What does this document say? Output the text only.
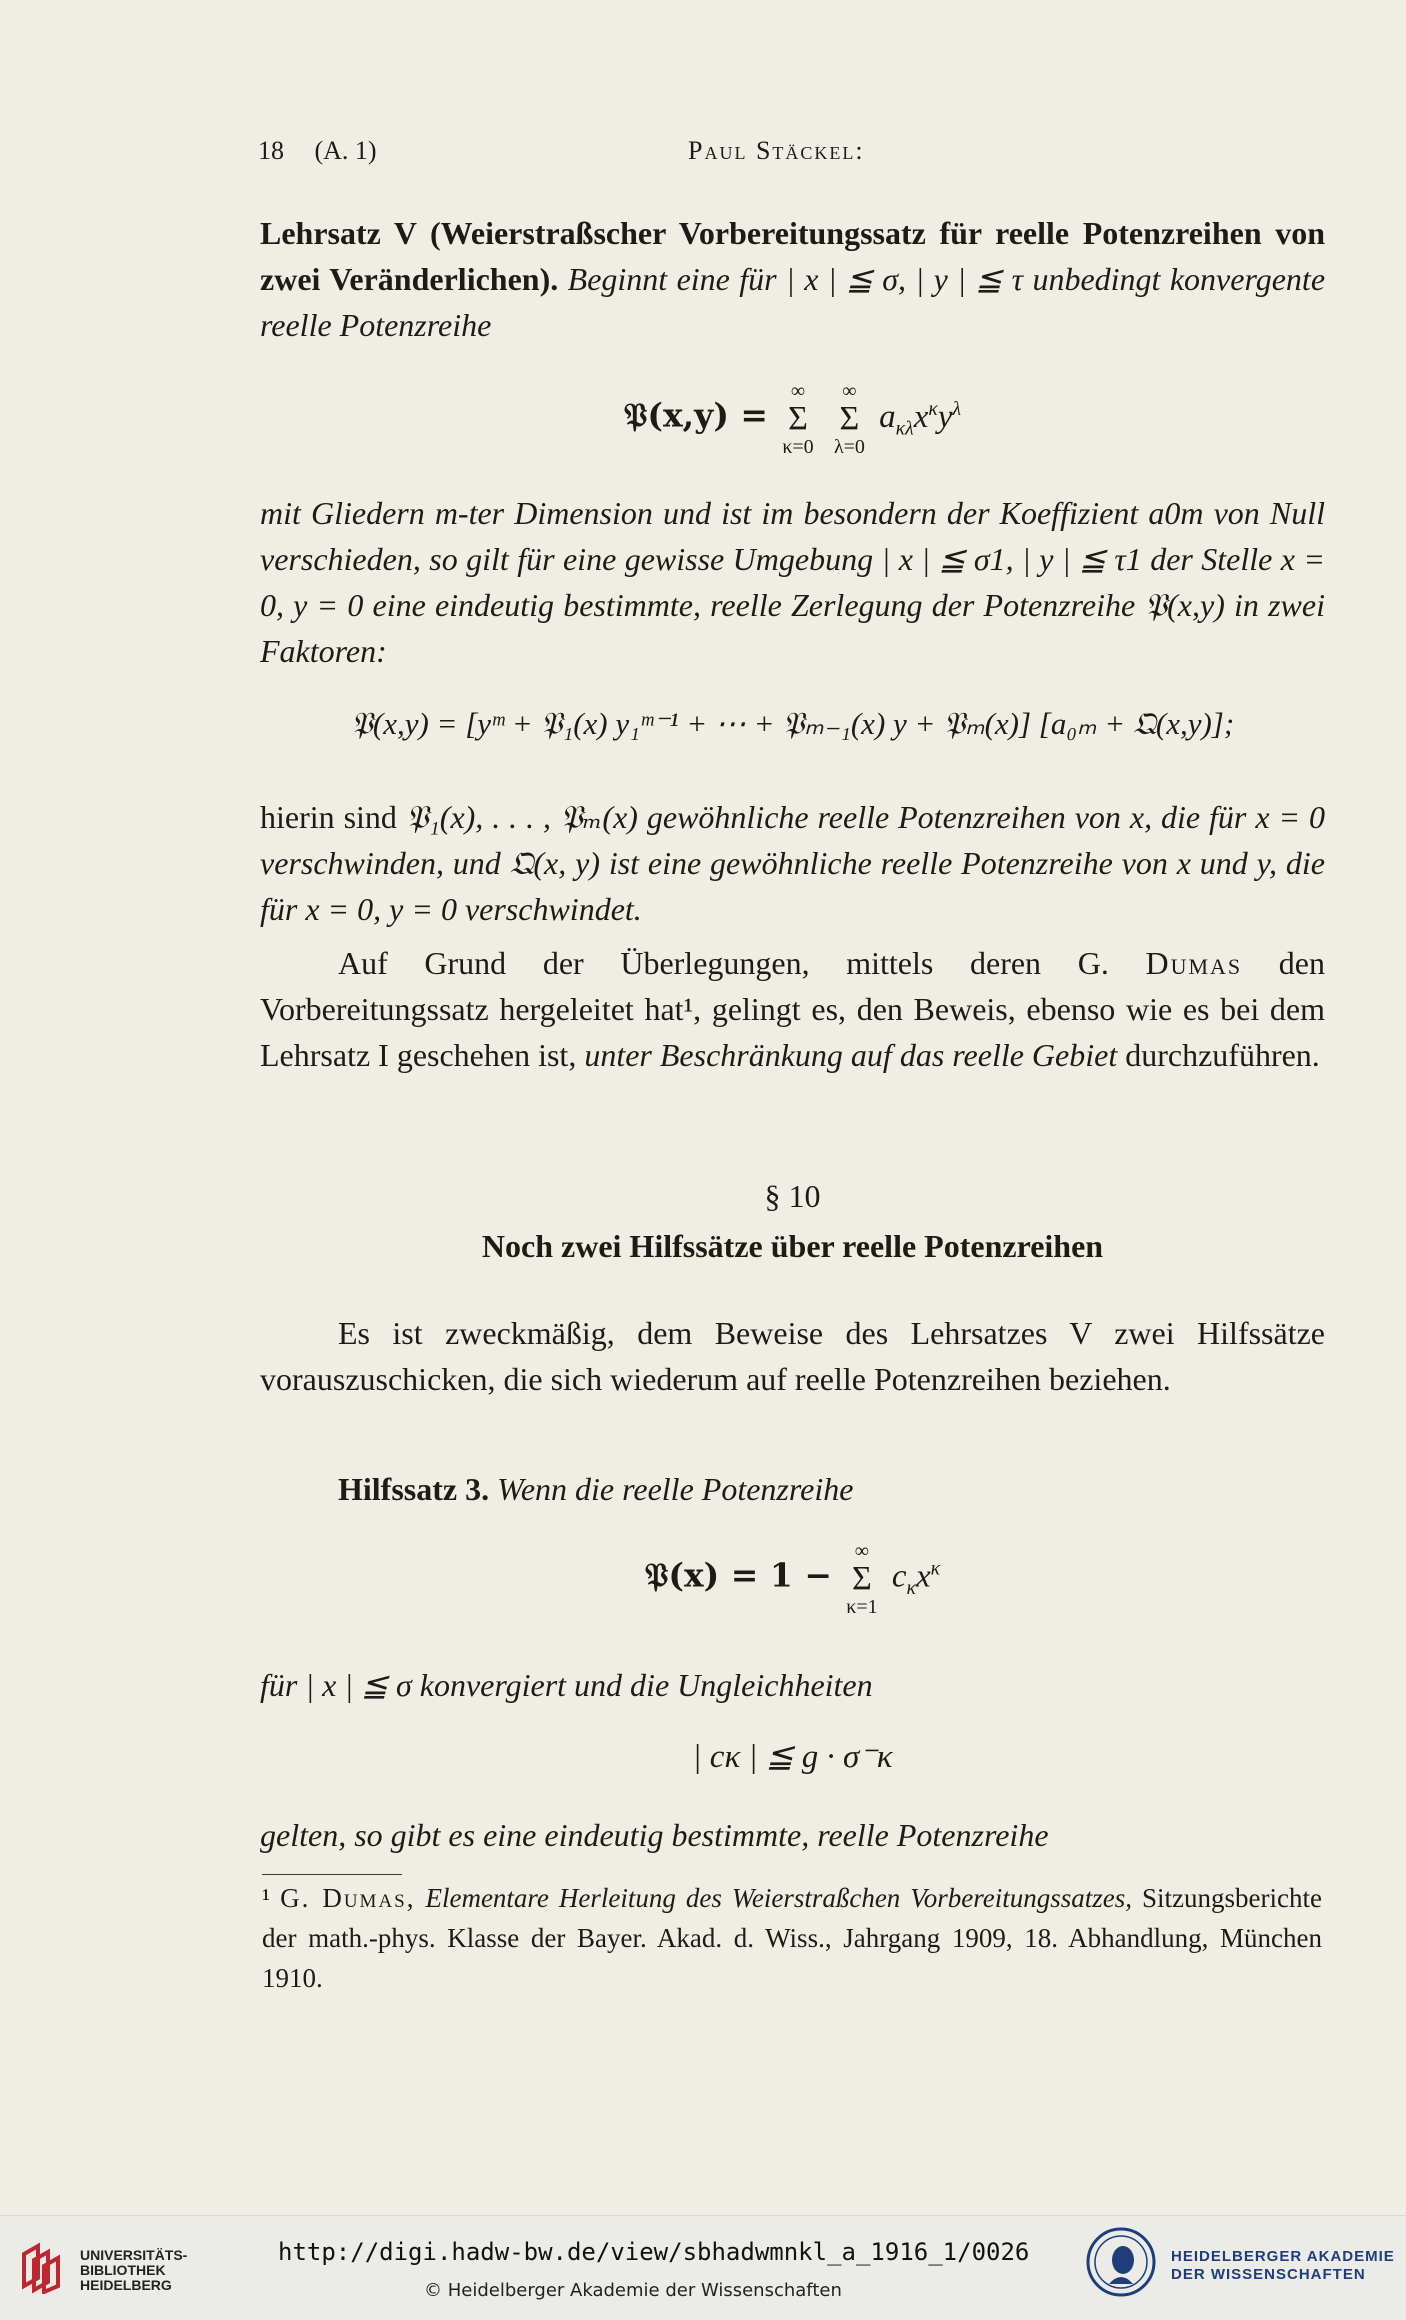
18 (A. 1)	Paul Stäckel:
Lehrsatz V (Weierstraßscher Vorbereitungssatz für reelle Potenzreihen von zwei Veränderlichen). Beginnt eine für | x | ≦ σ, | y | ≦ τ unbedingt konvergente reelle Potenzreihe
𝔓(x,y) =
∞
Σ
κ=0

∞
Σ
λ=0
$a_{\kappa\lambda}x^\kappa y^\lambda$
mit Gliedern m-ter Dimension und ist im besondern der Koeffizient a0m von Null verschieden, so gilt für eine gewisse Umgebung | x | ≦ σ1, | y | ≦ τ1 der Stelle x = 0, y = 0 eine eindeutig bestimmte, reelle Zerlegung der Potenzreihe 𝔓(x,y) in zwei Faktoren:
𝔓(x,y) = [yᵐ + 𝔓₁(x) y₁ᵐ⁻¹ + ⋯ + 𝔓ₘ₋₁(x) y + 𝔓ₘ(x)] [a₀ₘ + 𝔔(x,y)];
hierin sind 𝔓₁(x), . . . , 𝔓ₘ(x) gewöhnliche reelle Potenzreihen von x, die für x = 0 verschwinden, und 𝔔(x, y) ist eine gewöhnliche reelle Potenzreihe von x und y, die für x = 0, y = 0 verschwindet.
Auf Grund der Überlegungen, mittels deren G. Dumas den Vorbereitungssatz hergeleitet hat¹, gelingt es, den Beweis, ebenso wie es bei dem Lehrsatz I geschehen ist, unter Beschränkung auf das reelle Gebiet durchzuführen.
§ 10
Noch zwei Hilfssätze über reelle Potenzreihen
Es ist zweckmäßig, dem Beweise des Lehrsatzes V zwei Hilfssätze vorauszuschicken, die sich wiederum auf reelle Potenzreihen beziehen.
Hilfssatz 3. Wenn die reelle Potenzreihe
𝔓(x) = 1 −
∞
Σ
κ=1
$c_\kappa x^\kappa$
für | x | ≦ σ konvergiert und die Ungleichheiten
| cκ | ≦ g · σ⁻κ
gelten, so gibt es eine eindeutig bestimmte, reelle Potenzreihe
¹ G. Dumas, Elementare Herleitung des Weierstraßchen Vorbereitungssatzes, Sitzungsberichte der math.-phys. Klasse der Bayer. Akad. d. Wiss., Jahrgang 1909, 18. Abhandlung, München 1910.
UNIVERSITÄTS-
BIBLIOTHEK
HEIDELBERG
http://digi.hadw-bw.de/view/sbhadwmnkl_a_1916_1/0026
© Heidelberger Akademie der Wissenschaften
HEIDELBERGER AKADEMIE
DER WISSENSCHAFTEN
